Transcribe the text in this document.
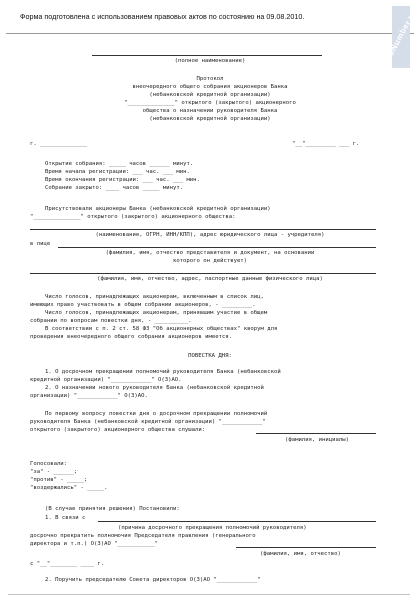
Форма подготовлена с использованием правовых актов по состоянию на 09.08.2010.	NoNumber.ru
(полное наименование)
Протокол
внеочередного общего собрания акционеров Банка
(небанковской кредитной организации)
"______________" открытого (закрытого) акционерного
общества о назначении руководителя Банка
(небанковской кредитной организации)
г. ______________	"__"_________ ___ г.
Открытие собрания: _____ часов ______ минут.
Время начала регистрации: ___ час. ___ мин.
Время окончания регистрации: ___ час. ___ мин.
Собрание закрыто: ____ часов _____ минут.
Присутствовали акционеры Банка (небанковской кредитной организации)
"______________" открытого (закрытого) акционерного общества:
(наименование, ОГРН, ИНН/КПП), адрес юридического лица - учредителя)
в лице
(фамилия, имя, отчество представителя и документ, на основании
которого он действует)
(фамилия, имя, отчество, адрес, паспортные данные физического лица)
Число голосов, принадлежащих акционерам, включенным в список лиц,
имеющих право участвовать в общем собрании акционеров, - _________.
Число голосов, принадлежащих акционерам, принявшим участие в общем
собрании по вопросам повестки дня, - __________.
В соответствии с п. 2 ст. 58 ФЗ "Об акционерных обществах" кворум для
проведения внеочередного общего собрания акционеров имеется.
ПОВЕСТКА ДНЯ:
1. О досрочном прекращении полномочий руководителя Банка (небанковской
кредитной организации) "____________" О(З)АО.
2. О назначении нового руководителя Банка (небанковской кредитной
организации) "____________" О(З)АО.
По первому вопросу повестки дня о досрочном прекращении полномочий
руководителя Банка (небанковской кредитной организации) "____________"
открытого (закрытого) акционерного общества слушали:
(фамилия, инициалы)
Голосовали:
"за" - ______;
"против" - _____;
"воздержались" - _____.
(В случае принятия решения) Постановили:
1. В связи с
(причина досрочного прекращения полномочий руководителя)
досрочно прекратить полномочия Председателя правления (генерального
директора и т.п.) О(З)АО "___________"
(фамилия, имя, отчество)
с "__"________ ____ г.
2. Поручить председателю Совета директоров О(З)АО "____________"
